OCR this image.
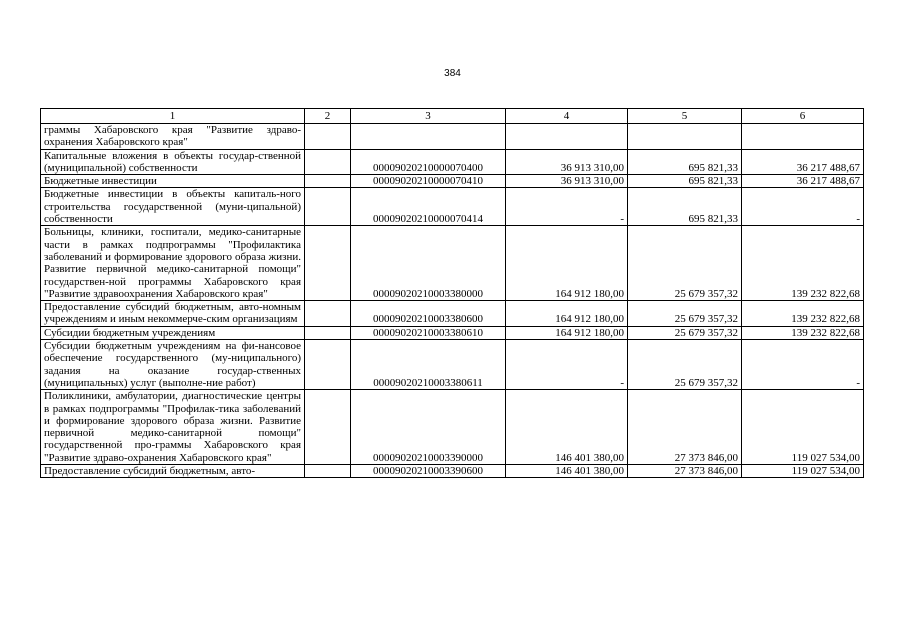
384
1	2	3	4	5	6
граммы Хабаровского края "Развитие здраво-охранения Хабаровского края"					
Капитальные вложения в объекты государ-ственной (муниципальной) собственности		00009020210000070400	36 913 310,00	695 821,33	36 217 488,67
Бюджетные инвестиции		00009020210000070410	36 913 310,00	695 821,33	36 217 488,67
Бюджетные инвестиции в объекты капиталь-ного строительства государственной (муни-ципальной) собственности		00009020210000070414	-	695 821,33	-
Больницы, клиники, госпитали, медико-санитарные части в рамках подпрограммы "Профилактика заболеваний и формирование здорового образа жизни. Развитие первичной медико-санитарной помощи" государствен-ной программы Хабаровского края "Развитие здравоохранения Хабаровского края"		00009020210003380000	164 912 180,00	25 679 357,32	139 232 822,68
Предоставление субсидий бюджетным, авто-номным учреждениям и иным некоммерче-ским организациям		00009020210003380600	164 912 180,00	25 679 357,32	139 232 822,68
Субсидии бюджетным учреждениям		00009020210003380610	164 912 180,00	25 679 357,32	139 232 822,68
Субсидии бюджетным учреждениям на фи-нансовое обеспечение государственного (му-ниципального) задания на оказание государ-ственных (муниципальных) услуг (выполне-ние работ)		00009020210003380611	-	25 679 357,32	-
Поликлиники, амбулатории, диагностические центры в рамках подпрограммы "Профилак-тика заболеваний и формирование здорового образа жизни. Развитие первичной медико-санитарной помощи" государственной про-граммы Хабаровского края "Развитие здраво-охранения Хабаровского края"		00009020210003390000	146 401 380,00	27 373 846,00	119 027 534,00
Предоставление субсидий бюджетным, авто-		00009020210003390600	146 401 380,00	27 373 846,00	119 027 534,00
